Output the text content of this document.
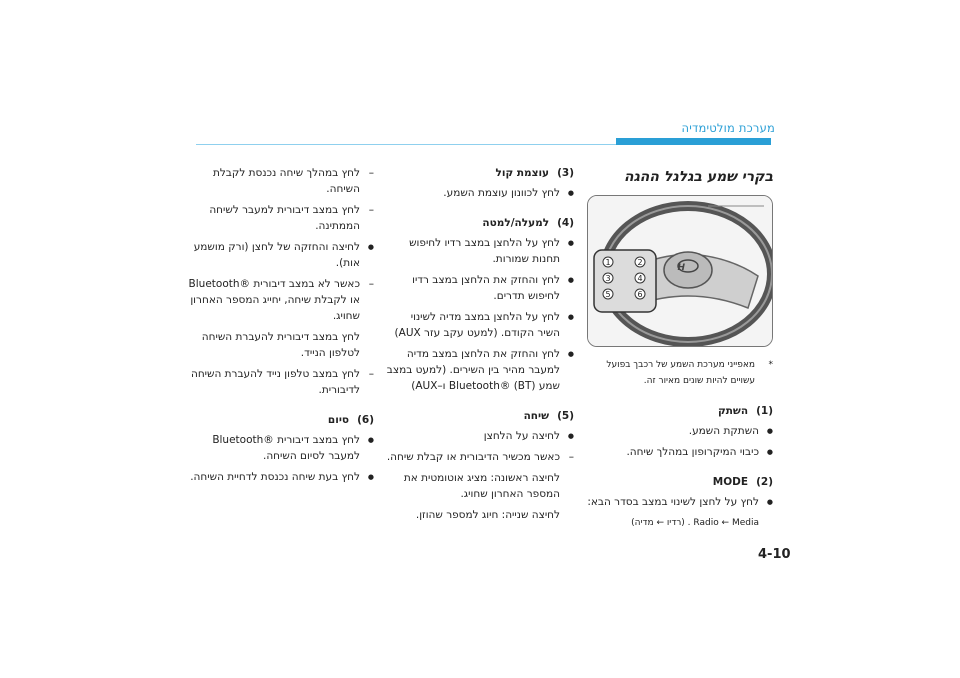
מערכת מולטימדיה

בקרי שמע בגלגל ההגה

H
1	2
3	4
5	6

* מאפייני מערכת השמע של רכבך בפועל עשויים להיות שונים מאיור זה.

(1)השתק

● השתקת השמע.

● כיבוי המיקרופון במהלך שיחה.

(2)MODE

● לחץ על לחצן לשינוי במצב בסדר הבא:

Radio ← Media . (רדיו ← מדיה)

(3)עוצמת קול

● לחץ לכוונון עוצמת השמע.

(4)למעלה/למטה

● לחץ על הלחצן במצב רדיו לחיפוש תחנות שמורות.

● לחץ והחזק את הלחצן במצב רדיו לחיפוש תדרים.

● לחץ על הלחצן במצב מדיה לשינוי השיר הקודם. (למעט עקב עזר AUX)

● לחץ והחזק את הלחצן במצב מדיה למעבר מהיר בין השירים. (למעט במצב שמע (BT) ®Bluetooth ו–AUX)

(5)שיחה

● לחיצה על הלחצן

– כאשר מכשיר הדיבורית או קבלת שיחה.

לחיצה ראשונה: מציג אוטומטית את המספר האחרון שחויג.

לחיצה שנייה: חיוג למספר שהוזן.

– לחץ במהלך שיחה נכנסת לקבלת השיחה.

– לחץ במצב דיבורית למעבר לשיחה הממתינה.

● לחיצה והחזקה של לחצן (ורק מושמע אות).

– כאשר לא במצב דיבורית ®Bluetooth או לקבלת שיחה, יחייג המספר האחרון שחויג.

לחץ במצב דיבורית להעברת השיחה לטלפון הנייד.

– לחץ במצב טלפון נייד להעברת השיחה לדיבורית.

(6)סיום

● לחץ במצב דיבורית ®Bluetooth למעבר לסיום השיחה.

● לחץ בעת שיחה נכנסת לדחיית השיחה.

4-10
